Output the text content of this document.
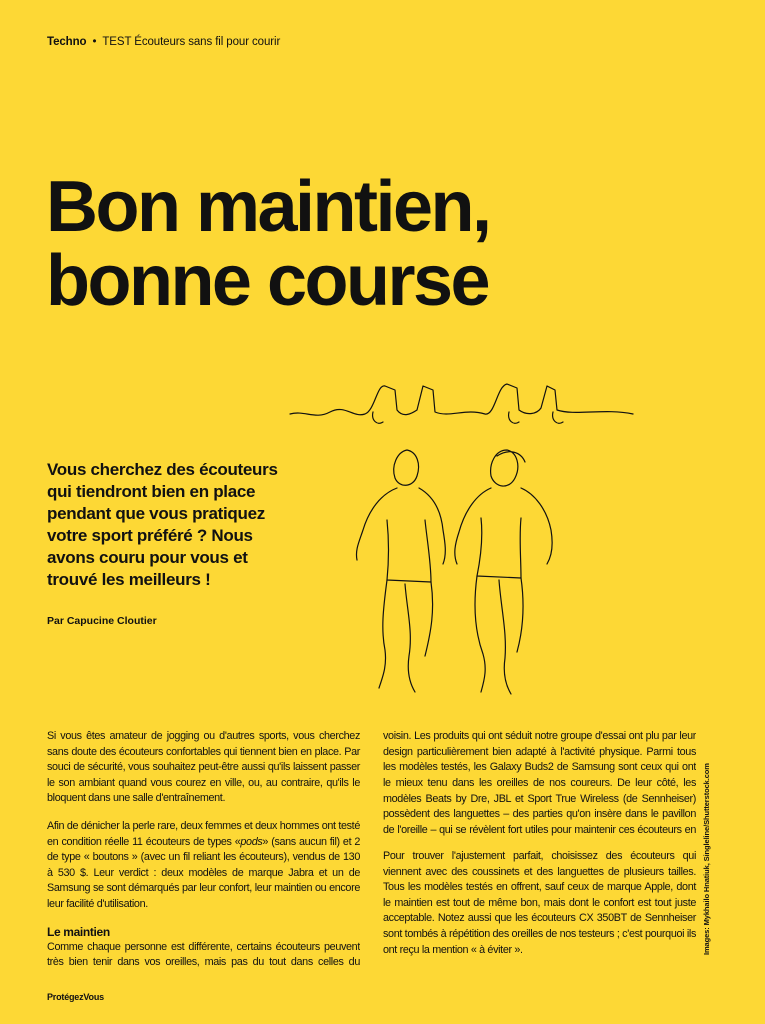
Techno • TEST Écouteurs sans fil pour courir
Bon maintien,
bonne course

Vous cherchez des écouteurs qui tiendront bien en place pendant que vous pratiquez votre sport préféré ? Nous avons couru pour vous et trouvé les meilleurs !

Par Capucine Cloutier

Si vous êtes amateur de jogging ou d'autres sports, vous cherchez sans doute des écouteurs confortables qui tiennent bien en place. Par souci de sécurité, vous souhaitez peut-être aussi qu'ils laissent passer le son ambiant quand vous courez en ville, ou, au contraire, qu'ils le bloquent dans une salle d'entraînement.

Afin de dénicher la perle rare, deux femmes et deux hommes ont testé en condition réelle 11 écouteurs de types «pods» (sans aucun fil) et 2 de type « boutons » (avec un fil reliant les écouteurs), vendus de 130 à 530 $. Leur verdict : deux modèles de marque Jabra et un de Samsung se sont démarqués par leur confort, leur maintien ou encore leur facilité d'utilisation.

Le maintien

Comme chaque personne est différente, certains écouteurs peuvent très bien tenir dans vos oreilles, mais pas du tout dans celles du

voisin. Les produits qui ont séduit notre groupe d'essai ont plu par leur design particulièrement bien adapté à l'activité physique. Parmi tous les modèles testés, les Galaxy Buds2 de Samsung sont ceux qui ont le mieux tenu dans les oreilles de nos coureurs. De leur côté, les modèles Beats by Dre, JBL et Sport True Wireless (de Sennheiser) possèdent des languettes – des parties qu'on insère dans le pavillon de l'oreille – qui se révèlent fort utiles pour maintenir ces écouteurs en

Pour trouver l'ajustement parfait, choisissez des écouteurs qui viennent avec des coussinets et des languettes de plusieurs tailles. Tous les modèles testés en offrent, sauf ceux de marque Apple, dont le maintien est tout de même bon, mais dont le confort est tout juste acceptable. Notez aussi que les écouteurs CX 350BT de Sennheiser sont tombés à répétition des oreilles de nos testeurs ; c'est pourquoi ils ont reçu la mention « à éviter ».	Images: Mykhailo Hnatiuk, Singleline/Shutterstock.com
ProtégezVous
